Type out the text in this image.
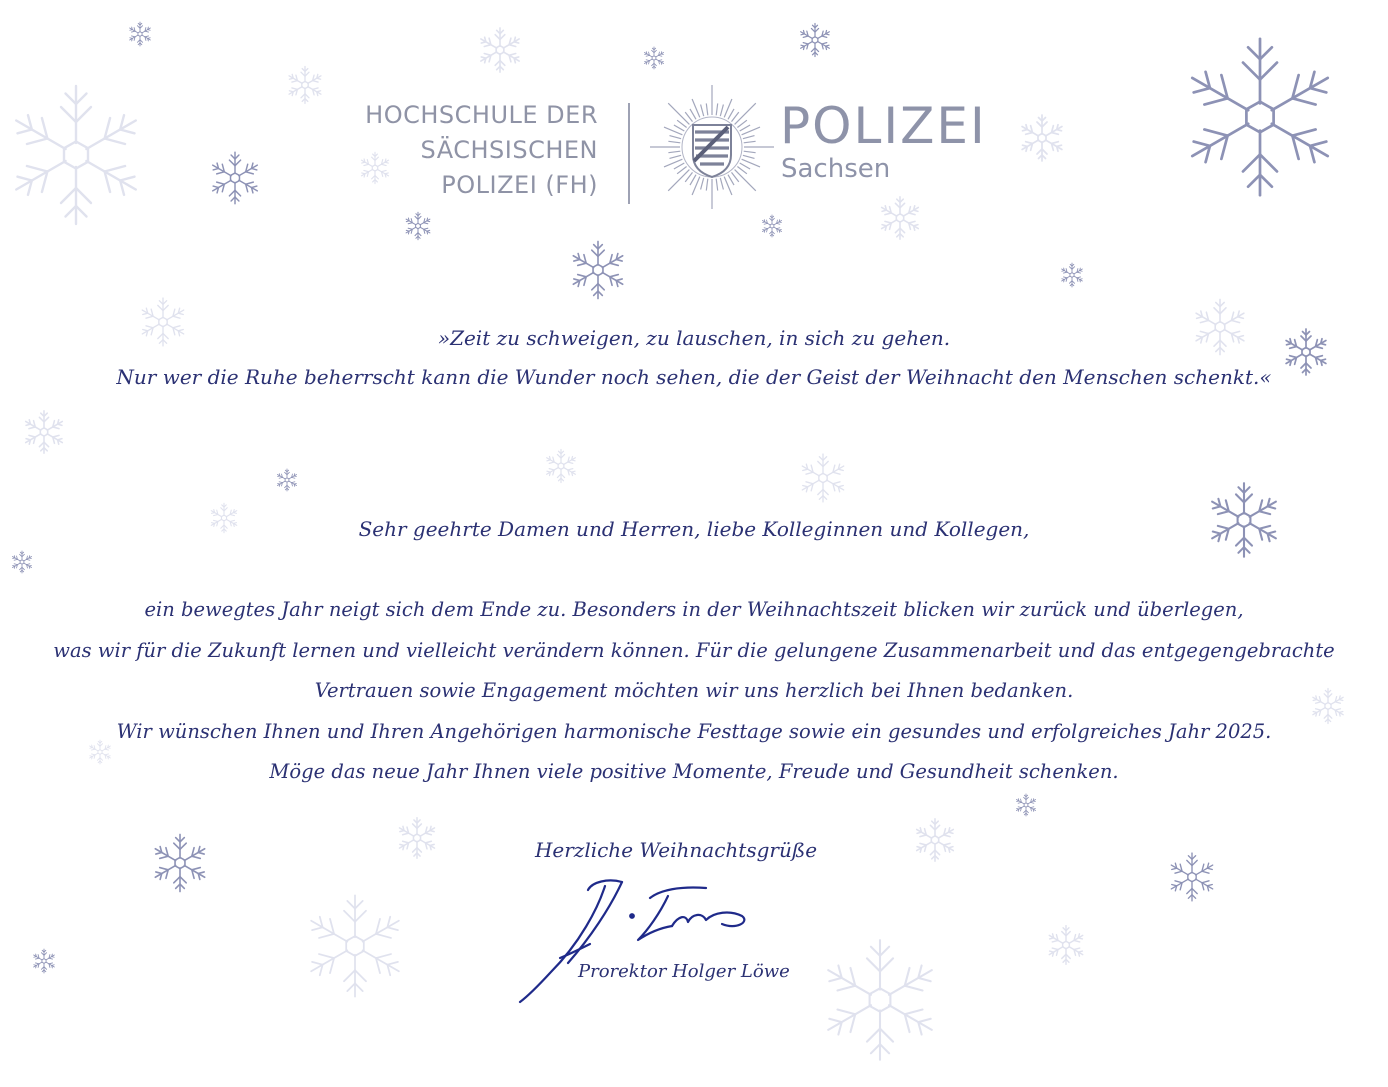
HOCHSCHULE DER
SÄCHSISCHEN
POLIZEI (FH)
POLIZEI
Sachsen
»Zeit zu schweigen, zu lauschen, in sich zu gehen.
Nur wer die Ruhe beherrscht kann die Wunder noch sehen, die der Geist der Weihnacht den Menschen schenkt.«
Sehr geehrte Damen und Herren, liebe Kolleginnen und Kollegen,
ein bewegtes Jahr neigt sich dem Ende zu. Besonders in der Weihnachtszeit blicken wir zurück und überlegen,
was wir für die Zukunft lernen und vielleicht verändern können. Für die gelungene Zusammenarbeit und das entgegengebrachte
Vertrauen sowie Engagement möchten wir uns herzlich bei Ihnen bedanken.
Wir wünschen Ihnen und Ihren Angehörigen harmonische Festtage sowie ein gesundes und erfolgreiches Jahr 2025.
Möge das neue Jahr Ihnen viele positive Momente, Freude und Gesundheit schenken.
Herzliche Weihnachtsgrüße
Prorektor Holger Löwe
